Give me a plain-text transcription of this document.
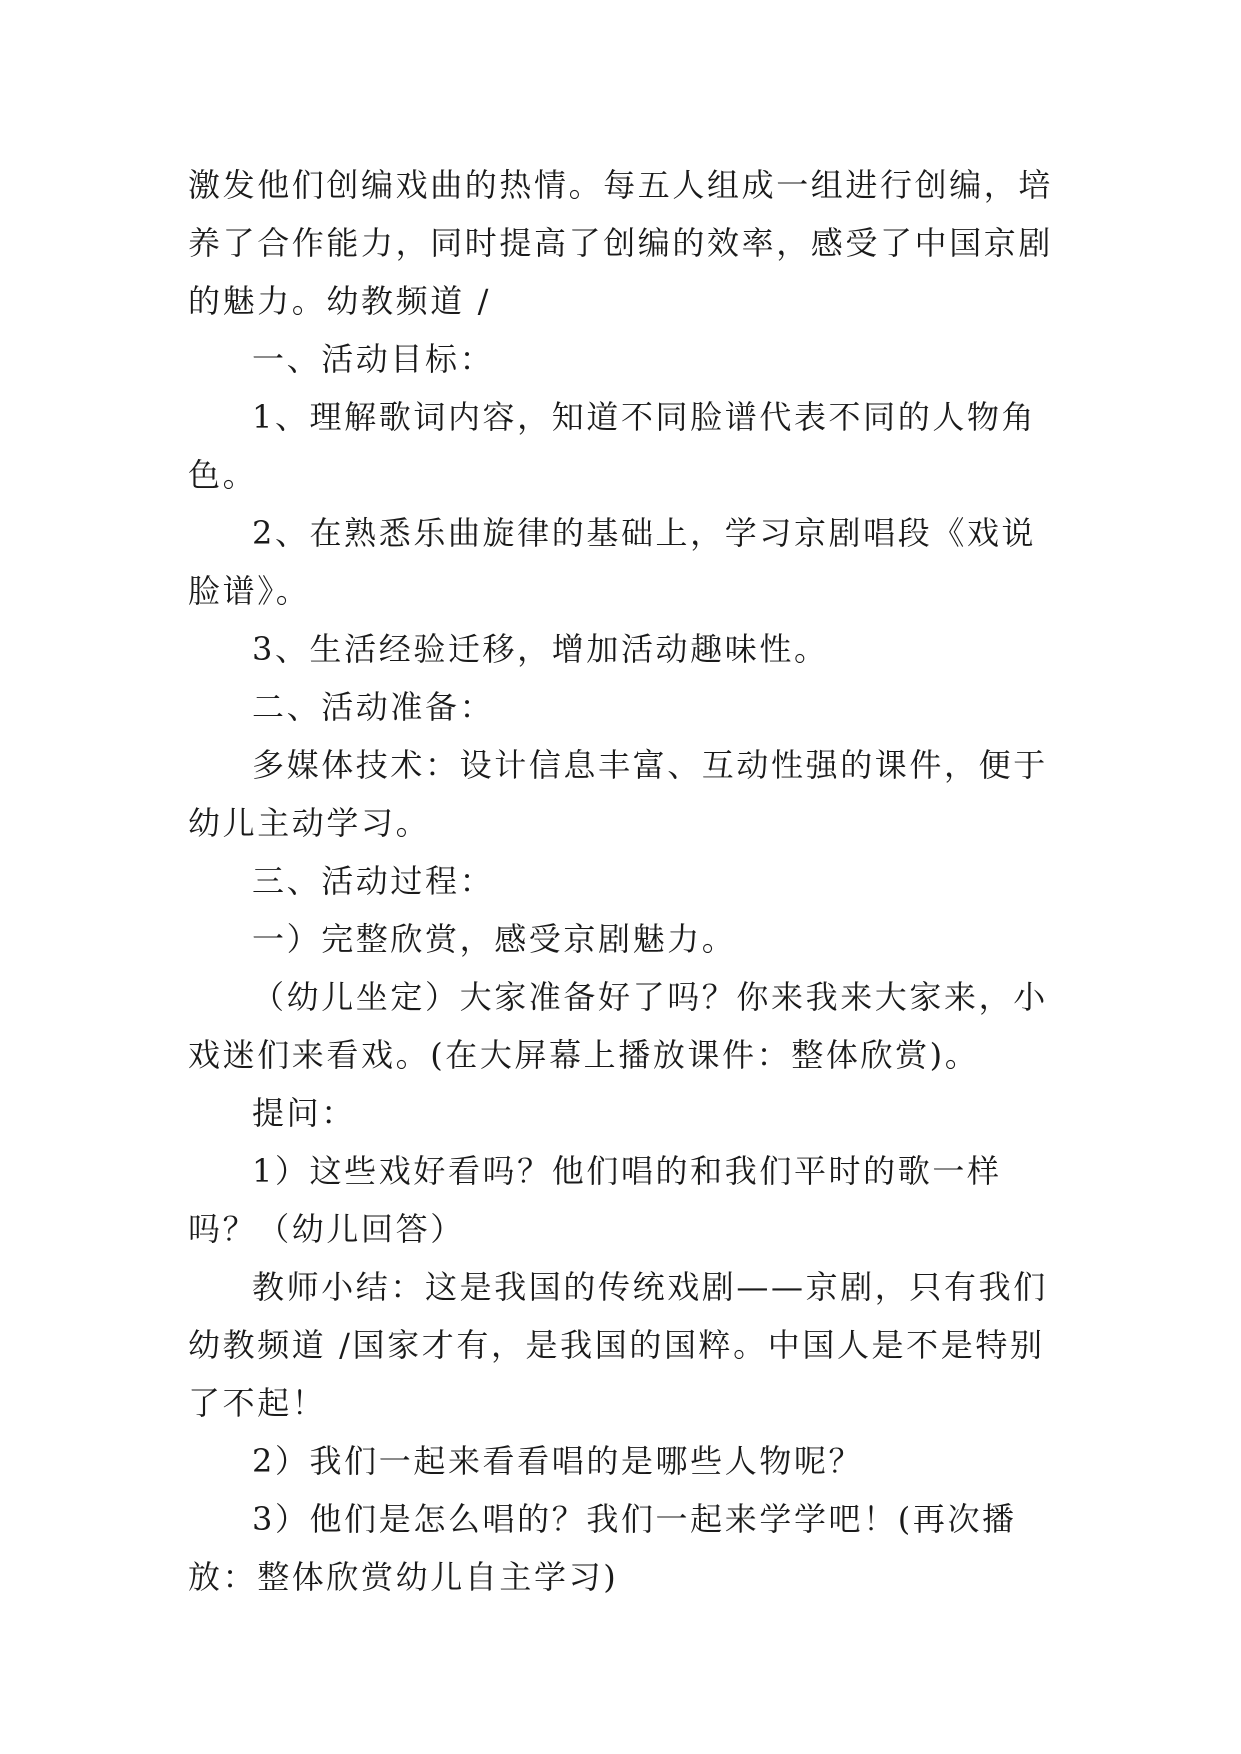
激发他们创编戏曲的热情。每五人组成一组进行创编，培养了合作能力，同时提高了创编的效率，感受了中国京剧的魅力。幼教频道 /

一、活动目标：

1、理解歌词内容，知道不同脸谱代表不同的人物角色。

2、在熟悉乐曲旋律的基础上，学习京剧唱段《戏说脸谱》。

3、生活经验迁移，增加活动趣味性。

二、活动准备：

多媒体技术：设计信息丰富、互动性强的课件，便于幼儿主动学习。

三、活动过程：

一）完整欣赏，感受京剧魅力。

（幼儿坐定）大家准备好了吗？你来我来大家来，小戏迷们来看戏。(在大屏幕上播放课件：整体欣赏)。

提问：

1）这些戏好看吗？他们唱的和我们平时的歌一样吗？（幼儿回答）

教师小结：这是我国的传统戏剧——京剧，只有我们幼教频道 /国家才有，是我国的国粹。中国人是不是特别了不起！

2）我们一起来看看唱的是哪些人物呢？

3）他们是怎么唱的？我们一起来学学吧！(再次播放：整体欣赏幼儿自主学习)
